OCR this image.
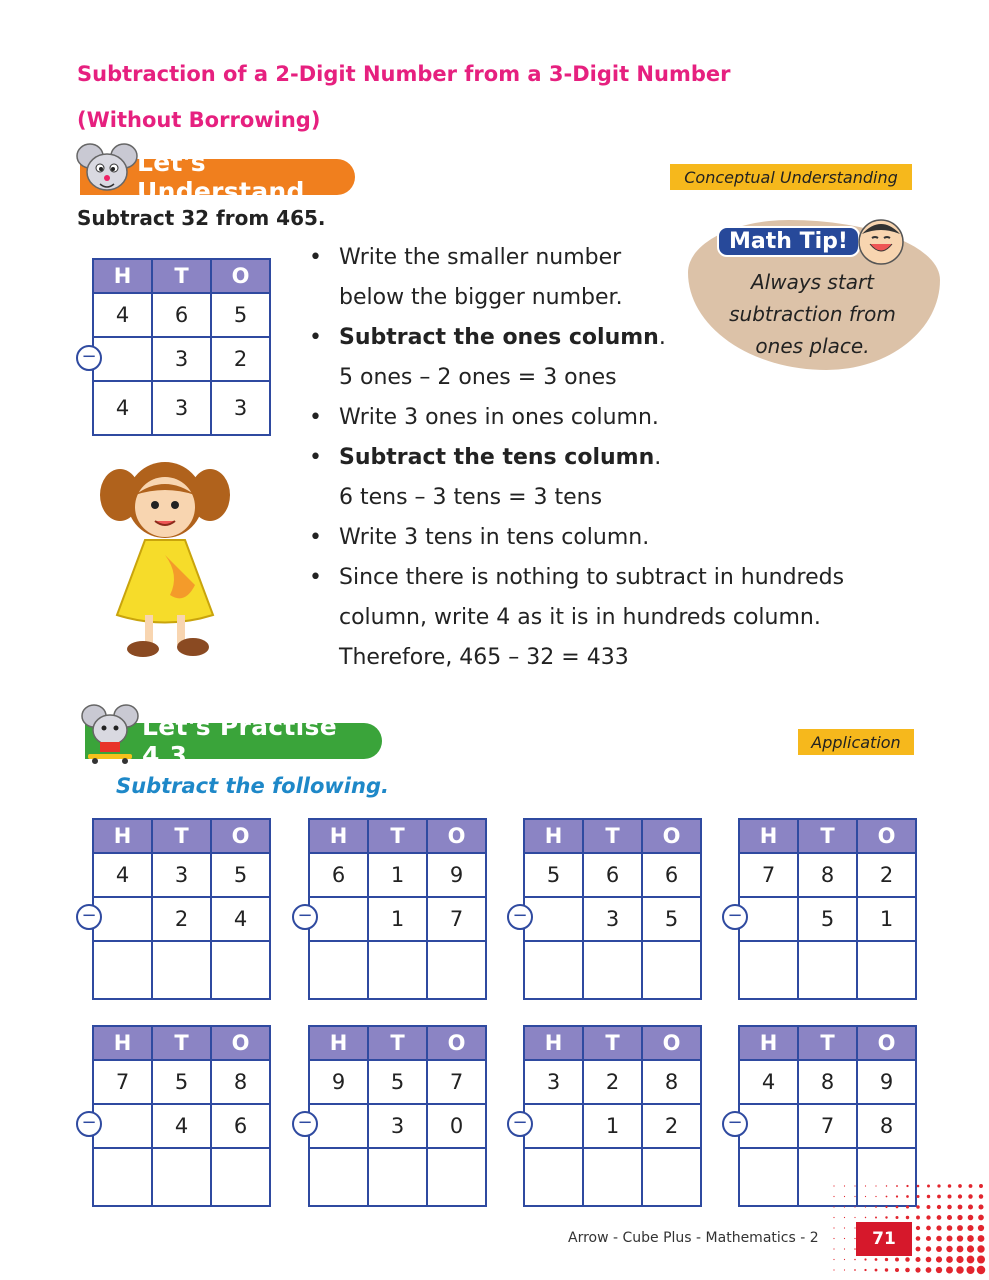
Subtraction of a 2-Digit Number from a 3-Digit Number
(Without Borrowing)
Let's Understand	Conceptual Understanding
Subtract 32 from 465.
H	T	O
4	6	5
	3	2
4	3	3
−
• Write the smaller number below the bigger number.
• Subtract the ones column.
5 ones – 2 ones = 3 ones
• Write 3 ones in ones column.
• Subtract the tens column.
6 tens – 3 tens = 3 tens
• Write 3 tens in tens column.
• Since there is nothing to subtract in hundreds column, write 4 as it is in hundreds column.
Therefore, 465 – 32 = 433
Math Tip!
Always start
subtraction from
ones place.
Let's Practise 4.3	Application
Subtract the following.
H	T	O
4	3	5
	2	4

−
H	T	O
6	1	9
	1	7

−
H	T	O
5	6	6
	3	5

−
H	T	O
7	8	2
	5	1

−
H	T	O
7	5	8
	4	6

−
H	T	O
9	5	7
	3	0

−
H	T	O
3	2	8
	1	2

−
H	T	O
4	8	9
	7	8

−
Arrow - Cube Plus - Mathematics - 2	71
